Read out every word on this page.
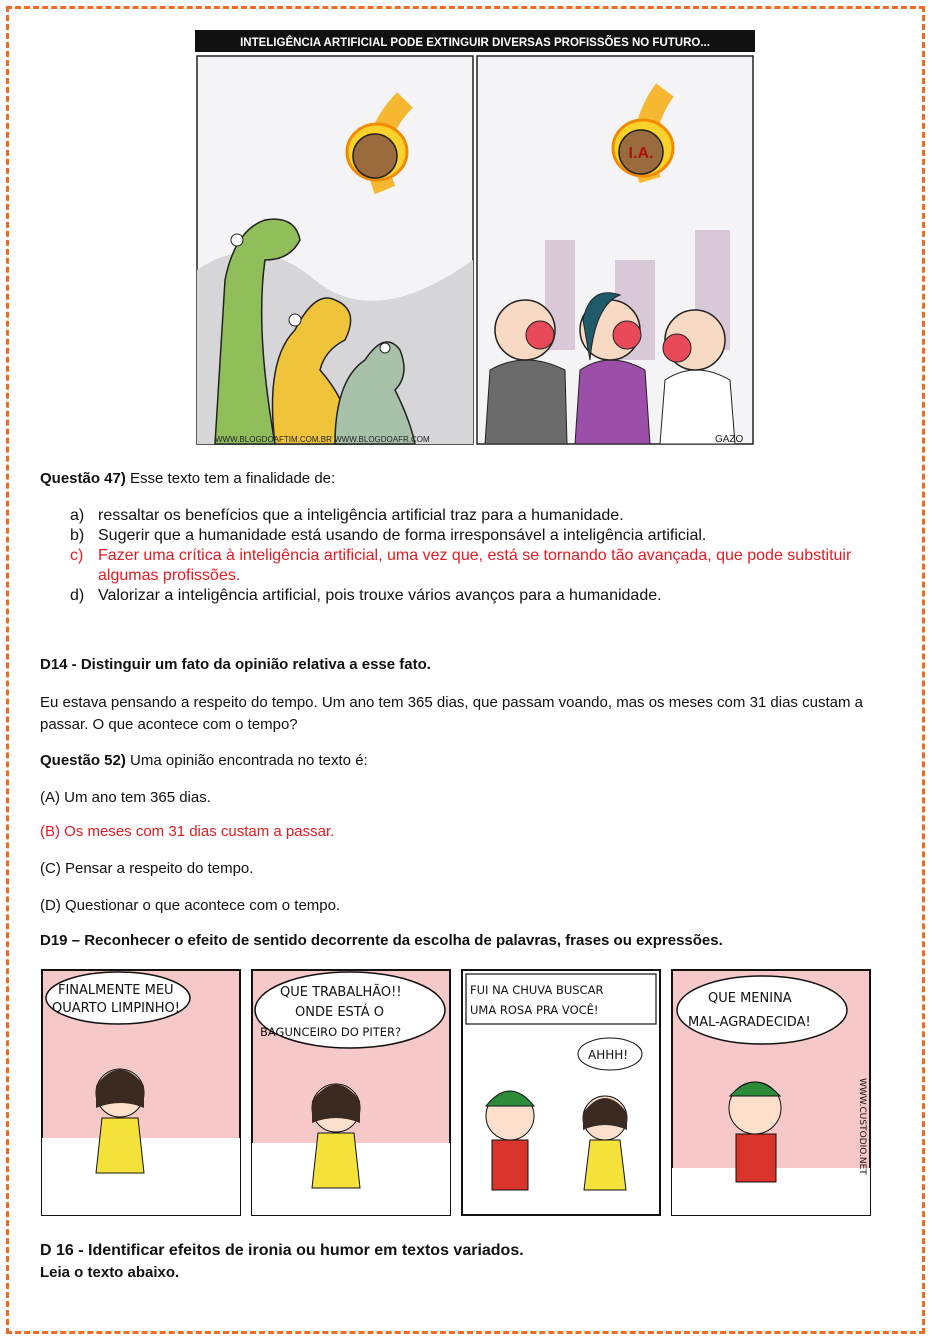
INTELIGÊNCIA ARTIFICIAL PODE EXTINGUIR DIVERSAS PROFISSÕES NO FUTURO...
I.A.
WWW.BLOGDOAFTIM.COM.BR WWW.BLOGDOAFR.COM	GAZO
Questão 47) Esse texto tem a finalidade de:
a) ressaltar os benefícios que a inteligência artificial traz para a humanidade.
b) Sugerir que a humanidade está usando de forma irresponsável a inteligência artificial.
c) Fazer uma crítica à inteligência artificial, uma vez que, está se tornando tão avançada, que pode substituir algumas profissões.
d) Valorizar a inteligência artificial, pois trouxe vários avanços para a humanidade.
D14 - Distinguir um fato da opinião relativa a esse fato.
Eu estava pensando a respeito do tempo. Um ano tem 365 dias, que passam voando, mas os meses com 31 dias custam a passar. O que acontece com o tempo?
Questão 52) Uma opinião encontrada no texto é:
(A) Um ano tem 365 dias.
(B) Os meses com 31 dias custam a passar.
(C) Pensar a respeito do tempo.
(D) Questionar o que acontece com o tempo.
D19 – Reconhecer o efeito de sentido decorrente da escolha de palavras, frases ou expressões.
FINALMENTE MEU
QUARTO LIMPINHO!
QUE TRABALHÃO!!
ONDE ESTÁ O
BAGUNCEIRO DO PITER?
FUI NA CHUVA BUSCAR
UMA ROSA PRA VOCÊ!
AHHH!
QUE MENINA
MAL-AGRADECIDA!
WWW.CUSTODIO.NET
D 16 - Identificar efeitos de ironia ou humor em textos variados.
Leia o texto abaixo.
